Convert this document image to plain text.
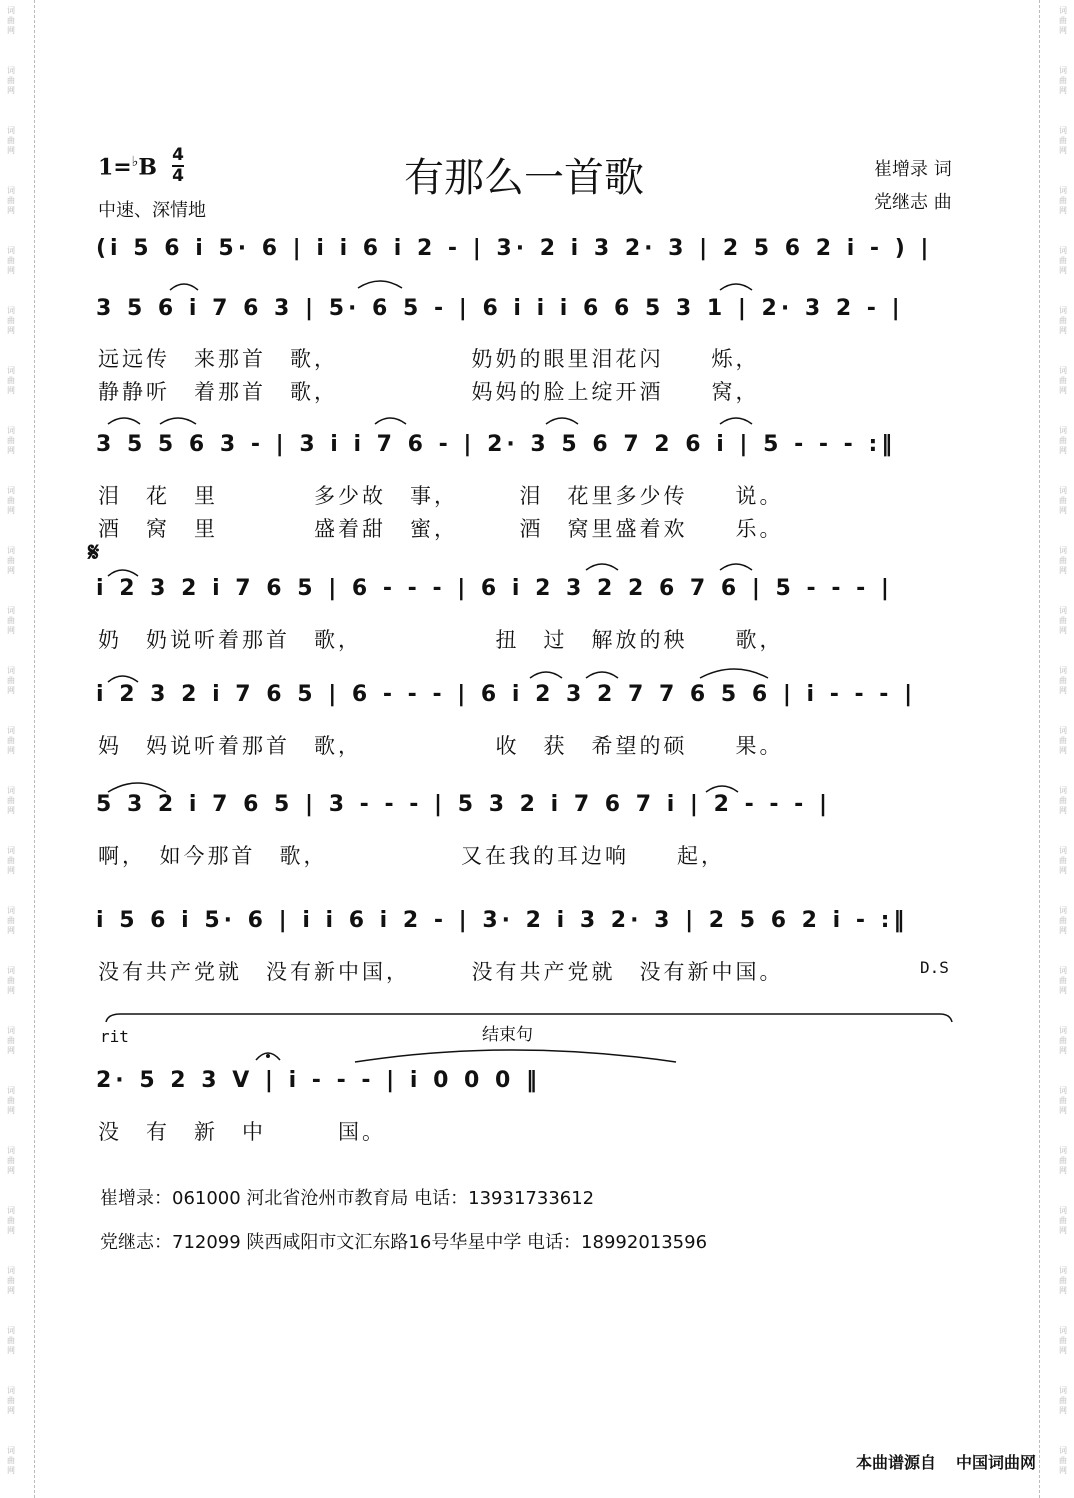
词曲网
词曲网
词曲网
词曲网
词曲网
词曲网
词曲网
词曲网
词曲网
词曲网
词曲网
词曲网
词曲网
词曲网
词曲网
词曲网
词曲网
词曲网
词曲网
词曲网
词曲网
词曲网
词曲网
词曲网
词曲网
词曲网
词曲网
词曲网
词曲网
词曲网
词曲网
词曲网
词曲网
词曲网
词曲网
词曲网
词曲网
词曲网
词曲网
词曲网
词曲网
词曲网
词曲网
词曲网
词曲网
词曲网
词曲网
词曲网
词曲网
词曲网
1=♭B 4
4	有那么一首歌
中速、深情地
崔增录 词
党继志 曲
(i 5 6 i 5· 6 | i i 6 i 2 - | 3· 2 i 3 2· 3 | 2 5 6 2 i - ) |
3 5 6 i 7 6 3 | 5· 6 5 - | 6 i i i 6 6 5 3 1 | 2· 3 2 - |
远远传　来那首　歌，　　　　　　奶奶的眼里泪花闪　　烁，
静静听　着那首　歌，　　　　　　妈妈的脸上绽开酒　　窝，
3 5 5 6 3 - | 3 i i 7 6 - | 2· 3 5 6 7 2 6 i | 5 - - - :‖
泪　花　里　　　　多少故　事，　　　泪　花里多少传　　说。
酒　窝　里　　　　盛着甜　蜜，　　　酒　窝里盛着欢　　乐。
𝄋
i 2 3 2 i 7 6 5 | 6 - - - | 6 i 2 3 2 2 6 7 6 | 5 - - - |
奶　奶说听着那首　歌，　　　　　　扭　过　解放的秧　　歌，
i 2 3 2 i 7 6 5 | 6 - - - | 6 i 2 3 2 7 7 6 5 6 | i - - - |
妈　妈说听着那首　歌，　　　　　　收　获　希望的硕　　果。
5 3 2 i 7 6 5 | 3 - - - | 5 3 2 i 7 6 7 i | 2 - - - |
啊，　如今那首　歌，　　　　　　又在我的耳边响　　起，
i 5 6 i 5· 6 | i i 6 i 2 - | 3· 2 i 3 2· 3 | 2 5 6 2 i - :‖
没有共产党就　没有新中国，　　　没有共产党就　没有新中国。	D.S
rit	结束句
2· 5 2 3 V | i - - - | i 0 0 0 ‖
没　有　新　中　　　国。
崔增录：061000 河北省沧州市教育局 电话：13931733612
党继志：712099 陕西咸阳市文汇东路16号华星中学 电话：18992013596
本曲谱源自 中国词曲网
